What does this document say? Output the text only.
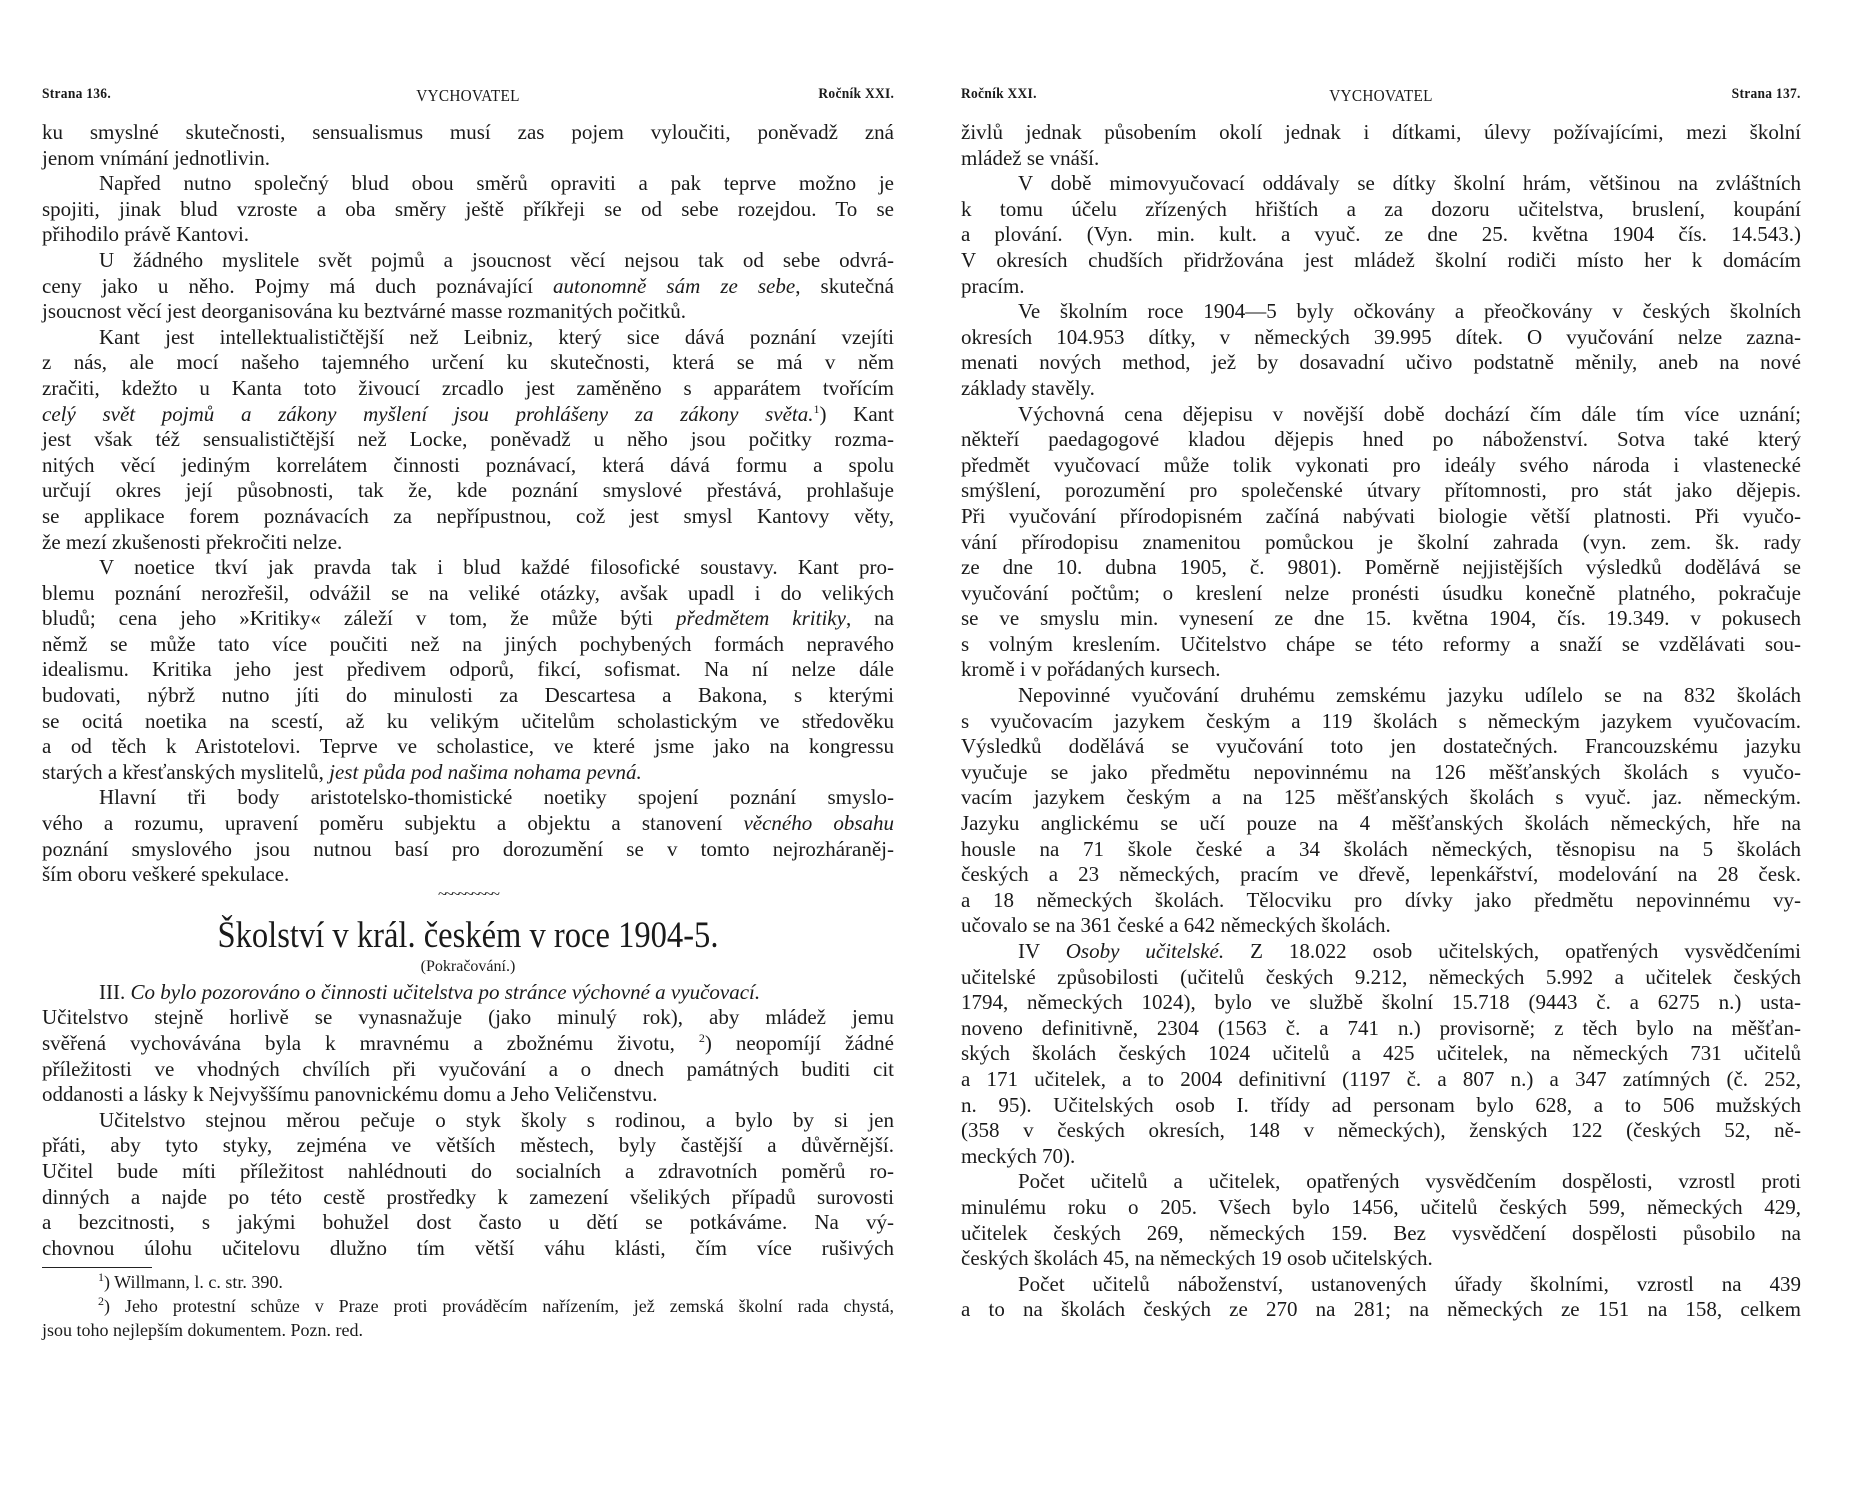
Strana 136.	VYCHOVATEL	Ročník XXI.
ku smyslné skutečnosti, sensualismus musí zas pojem vyloučiti, poněvadž zná
jenom vnímání jednotlivin.
Napřed nutno společný blud obou směrů opraviti a pak teprve možno je
spojiti, jinak blud vzroste a oba směry ještě příkřeji se od sebe rozejdou. To se
přihodilo právě Kantovi.
U žádného myslitele svět pojmů a jsoucnost věcí nejsou tak od sebe odvrá-
ceny jako u něho. Pojmy má duch poznávající autonomně sám ze sebe, skutečná
jsoucnost věcí jest deorganisována ku beztvárné masse rozmanitých počitků.
Kant jest intellektualističtější než Leibniz, který sice dává poznání vzejíti
z nás, ale mocí našeho tajemného určení ku skutečnosti, která se má v něm
zračiti, kdežto u Kanta toto živoucí zrcadlo jest zaměněno s apparátem tvořícím
celý svět pojmů a zákony myšlení jsou prohlášeny za zákony světa.$^1$) Kant
jest však též sensualističtější než Locke, poněvadž u něho jsou počitky rozma-
nitých věcí jediným korrelátem činnosti poznávací, která dává formu a spolu
určují okres její působnosti, tak že, kde poznání smyslové přestává, prohlašuje
se applikace forem poznávacích za nepřípustnou, což jest smysl Kantovy věty,
že mezí zkušenosti překročiti nelze.
V noetice tkví jak pravda tak i blud každé filosofické soustavy. Kant pro-
blemu poznání nerozřešil, odvážil se na veliké otázky, avšak upadl i do velikých
bludů; cena jeho »Kritiky« záleží v tom, že může býti předmětem kritiky, na
němž se může tato více poučiti než na jiných pochybených formách nepravého
idealismu. Kritika jeho jest předivem odporů, fikcí, sofismat. Na ní nelze dále
budovati, nýbrž nutno jíti do minulosti za Descartesa a Bakona, s kterými
se ocitá noetika na scestí, až ku velikým učitelům scholastickým ve středověku
a od těch k Aristotelovi. Teprve ve scholastice, ve které jsme jako na kongressu
starých a křesťanských myslitelů, jest půda pod našima nohama pevná.
Hlavní tři body aristotelsko-thomistické noetiky spojení poznání smyslo-
vého a rozumu, upravení poměru subjektu a objektu a stanovení věcného obsahu
poznání smyslového jsou nutnou basí pro dorozumění se v tomto nejrozháraněj-
ším oboru veškeré spekulace.
~~~~~~~~~
Školství v král. českém v roce 1904-5.
(Pokračování.)
III. Co bylo pozorováno o činnosti učitelstva po stránce výchovné a vyučovací.
Učitelstvo stejně horlivě se vynasnažuje (jako minulý rok), aby mládež jemu
svěřená vychovávána byla k mravnému a zbožnému životu, $^2$) neopomíjí žádné
příležitosti ve vhodných chvílích při vyučování a o dnech památných buditi cit
oddanosti a lásky k Nejvyššímu panovnickému domu a Jeho Veličenstvu.
Učitelstvo stejnou měrou pečuje o styk školy s rodinou, a bylo by si jen
přáti, aby tyto styky, zejména ve větších městech, byly častější a důvěrnější.
Učitel bude míti příležitost nahlédnouti do socialních a zdravotních poměrů ro-
dinných a najde po této cestě prostředky k zamezení všelikých případů surovosti
a bezcitnosti, s jakými bohužel dost často u dětí se potkáváme. Na vý-
chovnou úlohu učitelovu dlužno tím větší váhu klásti, čím více rušivých
$^1$) Willmann, l. c. str. 390.
$^2$) Jeho protestní schůze v Praze proti prováděcím nařízením, jež zemská školní rada chystá,
jsou toho nejlepším dokumentem. Pozn. red.
Ročník XXI.	VYCHOVATEL	Strana 137.
živlů jednak působením okolí jednak i dítkami, úlevy požívajícími, mezi školní
mládež se vnáší.
V době mimovyučovací oddávaly se dítky školní hrám, většinou na zvláštních
k tomu účelu zřízených hřištích a za dozoru učitelstva, bruslení, koupání
a plování. (Vyn. min. kult. a vyuč. ze dne 25. května 1904 čís. 14.543.)
V okresích chudších přidržována jest mládež školní rodiči místo her k domácím
pracím.
Ve školním roce 1904—5 byly očkovány a přeočkovány v českých školních
okresích 104.953 dítky, v německých 39.995 dítek. O vyučování nelze zazna-
menati nových method, jež by dosavadní učivo podstatně měnily, aneb na nové
základy stavěly.
Výchovná cena dějepisu v novější době dochází čím dále tím více uznání;
někteří paedagogové kladou dějepis hned po náboženství. Sotva také který
předmět vyučovací může tolik vykonati pro ideály svého národa i vlastenecké
smýšlení, porozumění pro společenské útvary přítomnosti, pro stát jako dějepis.
Při vyučování přírodopisném začíná nabývati biologie větší platnosti. Při vyučo-
vání přírodopisu znamenitou pomůckou je školní zahrada (vyn. zem. šk. rady
ze dne 10. dubna 1905, č. 9801). Poměrně nejjistějších výsledků dodělává se
vyučování počtům; o kreslení nelze pronésti úsudku konečně platného, pokračuje
se ve smyslu min. vynesení ze dne 15. května 1904, čís. 19.349. v pokusech
s volným kreslením. Učitelstvo chápe se této reformy a snaží se vzdělávati sou-
kromě i v pořádaných kursech.
Nepovinné vyučování druhému zemskému jazyku udílelo se na 832 školách
s vyučovacím jazykem českým a 119 školách s německým jazykem vyučovacím.
Výsledků dodělává se vyučování toto jen dostatečných. Francouzskému jazyku
vyučuje se jako předmětu nepovinnému na 126 měšťanských školách s vyučo-
vacím jazykem českým a na 125 měšťanských školách s vyuč. jaz. německým.
Jazyku anglickému se učí pouze na 4 měšťanských školách německých, hře na
housle na 71 škole české a 34 školách německých, těsnopisu na 5 školách
českých a 23 německých, pracím ve dřevě, lepenkářství, modelování na 28 česk.
a 18 německých školách. Tělocviku pro dívky jako předmětu nepovinnému vy-
učovalo se na 361 české a 642 německých školách.
IV Osoby učitelské. Z 18.022 osob učitelských, opatřených vysvědčeními
učitelské způsobilosti (učitelů českých 9.212, německých 5.992 a učitelek českých
1794, německých 1024), bylo ve službě školní 15.718 (9443 č. a 6275 n.) usta-
noveno definitivně, 2304 (1563 č. a 741 n.) provisorně; z těch bylo na měšťan-
ských školách českých 1024 učitelů a 425 učitelek, na německých 731 učitelů
a 171 učitelek, a to 2004 definitivní (1197 č. a 807 n.) a 347 zatímných (č. 252,
n. 95). Učitelských osob I. třídy ad personam bylo 628, a to 506 mužských
(358 v českých okresích, 148 v německých), ženských 122 (českých 52, ně-
meckých 70).
Počet učitelů a učitelek, opatřených vysvědčením dospělosti, vzrostl proti
minulému roku o 205. Všech bylo 1456, učitelů českých 599, německých 429,
učitelek českých 269, německých 159. Bez vysvědčení dospělosti působilo na
českých školách 45, na německých 19 osob učitelských.
Počet učitelů náboženství, ustanovených úřady školními, vzrostl na 439
a to na školách českých ze 270 na 281; na německých ze 151 na 158, celkem
